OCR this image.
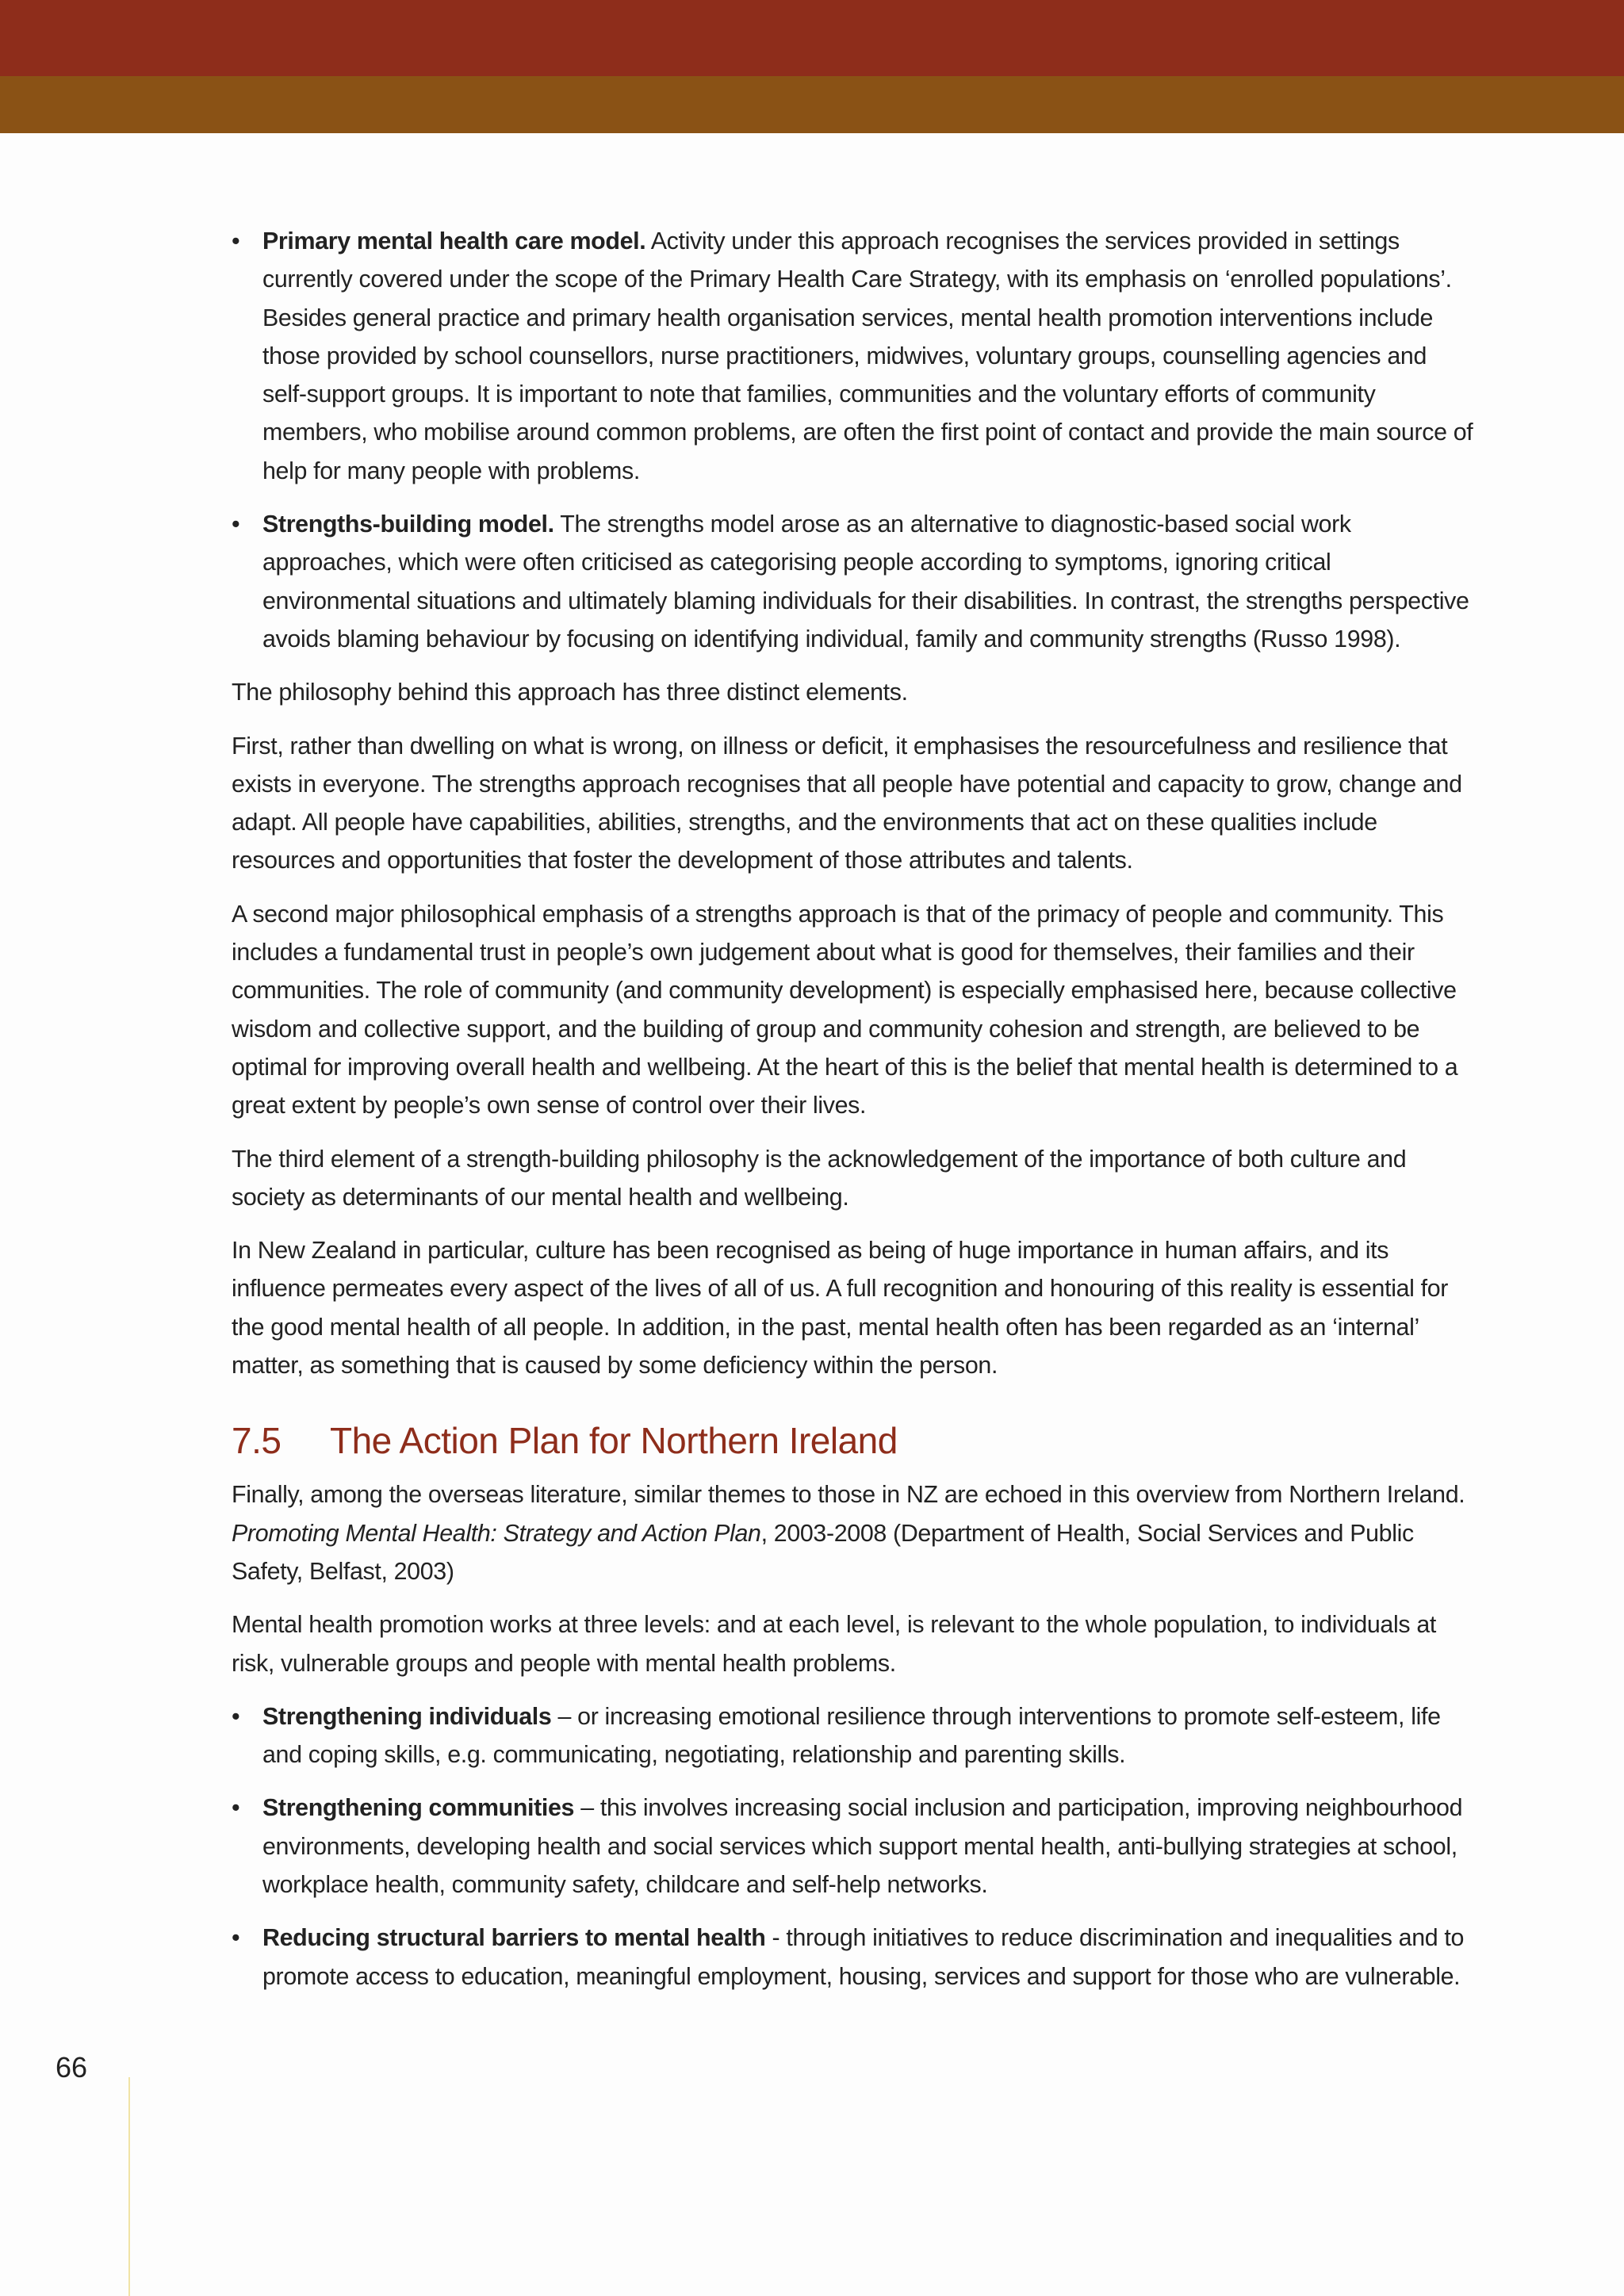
• Primary mental health care model. Activity under this approach recognises the services provided in settings currently covered under the scope of the Primary Health Care Strategy, with its emphasis on ‘enrolled populations’. Besides general practice and primary health organisation services, mental health promotion interventions include those provided by school counsellors, nurse practitioners, midwives, voluntary groups, counselling agencies and self-support groups. It is important to note that families, communities and the voluntary efforts of community members, who mobilise around common problems, are often the first point of contact and provide the main source of help for many people with problems.
• Strengths-building model. The strengths model arose as an alternative to diagnostic-based social work approaches, which were often criticised as categorising people according to symptoms, ignoring critical environmental situations and ultimately blaming individuals for their disabilities. In contrast, the strengths perspective avoids blaming behaviour by focusing on identifying individual, family and community strengths (Russo 1998).

The philosophy behind this approach has three distinct elements.

First, rather than dwelling on what is wrong, on illness or deficit, it emphasises the resourcefulness and resilience that exists in everyone. The strengths approach recognises that all people have potential and capacity to grow, change and adapt. All people have capabilities, abilities, strengths, and the environments that act on these qualities include resources and opportunities that foster the development of those attributes and talents.

A second major philosophical emphasis of a strengths approach is that of the primacy of people and community. This includes a fundamental trust in people’s own judgement about what is good for themselves, their families and their communities. The role of community (and community development) is especially emphasised here, because collective wisdom and collective support, and the building of group and community cohesion and strength, are believed to be optimal for improving overall health and wellbeing. At the heart of this is the belief that mental health is determined to a great extent by people’s own sense of control over their lives.

The third element of a strength-building philosophy is the acknowledgement of the importance of both culture and society as determinants of our mental health and wellbeing.

In New Zealand in particular, culture has been recognised as being of huge importance in human affairs, and its influence permeates every aspect of the lives of all of us. A full recognition and honouring of this reality is essential for the good mental health of all people. In addition, in the past, mental health often has been regarded as an ‘internal’ matter, as something that is caused by some deficiency within the person.

7.5 The Action Plan for Northern Ireland

Finally, among the overseas literature, similar themes to those in NZ are echoed in this overview from Northern Ireland. Promoting Mental Health: Strategy and Action Plan, 2003-2008 (Department of Health, Social Services and Public Safety, Belfast, 2003)

Mental health promotion works at three levels: and at each level, is relevant to the whole population, to individuals at risk, vulnerable groups and people with mental health problems.

• Strengthening individuals – or increasing emotional resilience through interventions to promote self-esteem, life and coping skills, e.g. communicating, negotiating, relationship and parenting skills.
• Strengthening communities – this involves increasing social inclusion and participation, improving neighbourhood environments, developing health and social services which support mental health, anti-bullying strategies at school, workplace health, community safety, childcare and self-help networks.
• Reducing structural barriers to mental health - through initiatives to reduce discrimination and inequalities and to promote access to education, meaningful employment, housing, services and support for those who are vulnerable.
66
